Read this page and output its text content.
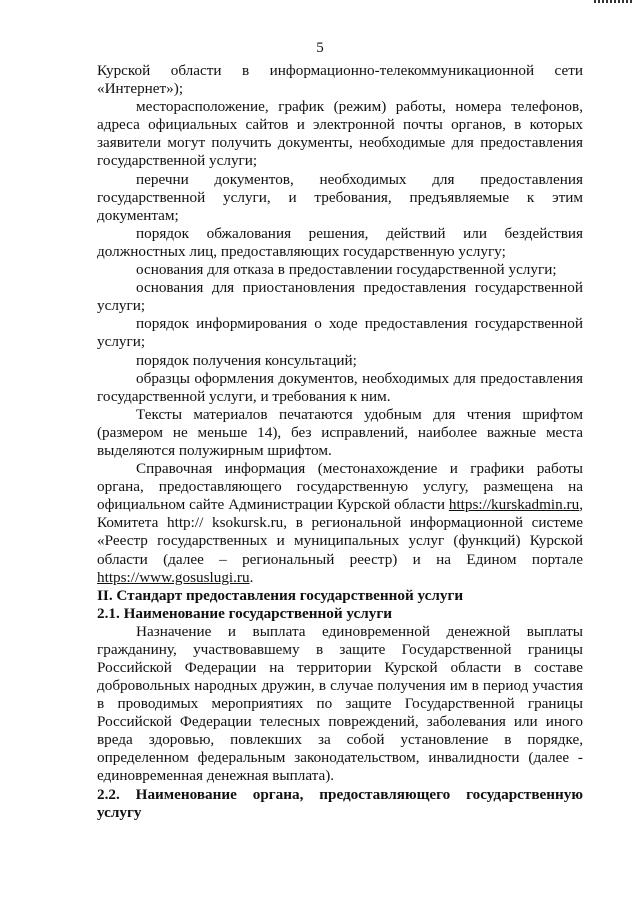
5

Курской области в информационно-телекоммуникационной сети «Интернет»);

месторасположение, график (режим) работы, номера телефонов, адреса официальных сайтов и электронной почты органов, в которых заявители могут получить документы, необходимые для предоставления государственной услуги;

перечни документов, необходимых для предоставления государственной услуги, и требования, предъявляемые к этим документам;

порядок обжалования решения, действий или бездействия должностных лиц, предоставляющих государственную услугу;

основания для отказа в предоставлении государственной услуги;

основания для приостановления предоставления государственной услуги;

порядок информирования о ходе предоставления государственной услуги;

порядок получения консультаций;

образцы оформления документов, необходимых для предоставления государственной услуги, и требования к ним.

Тексты материалов печатаются удобным для чтения шрифтом (размером не меньше 14), без исправлений, наиболее важные места выделяются полужирным шрифтом.

Справочная информация (местонахождение и графики работы органа, предоставляющего государственную услугу, размещена на официальном сайте Администрации Курской области https://kurskadmin.ru, Комитета http:// ksokursk.ru, в региональной информационной системе «Реестр государственных и муниципальных услуг (функций) Курской области (далее – региональный реестр) и на Едином портале https://www.gosuslugi.ru.

II. Стандарт предоставления государственной услуги

2.1. Наименование государственной услуги

Назначение и выплата единовременной денежной выплаты гражданину, участвовавшему в защите Государственной границы Российской Федерации на территории Курской области в составе добровольных народных дружин, в случае получения им в период участия в проводимых мероприятиях по защите Государственной границы Российской Федерации телесных повреждений, заболевания или иного вреда здоровью, повлекших за собой установление в порядке, определенном федеральным законодательством, инвалидности (далее - единовременная денежная выплата).

2.2. Наименование органа, предоставляющего государственную услугу
